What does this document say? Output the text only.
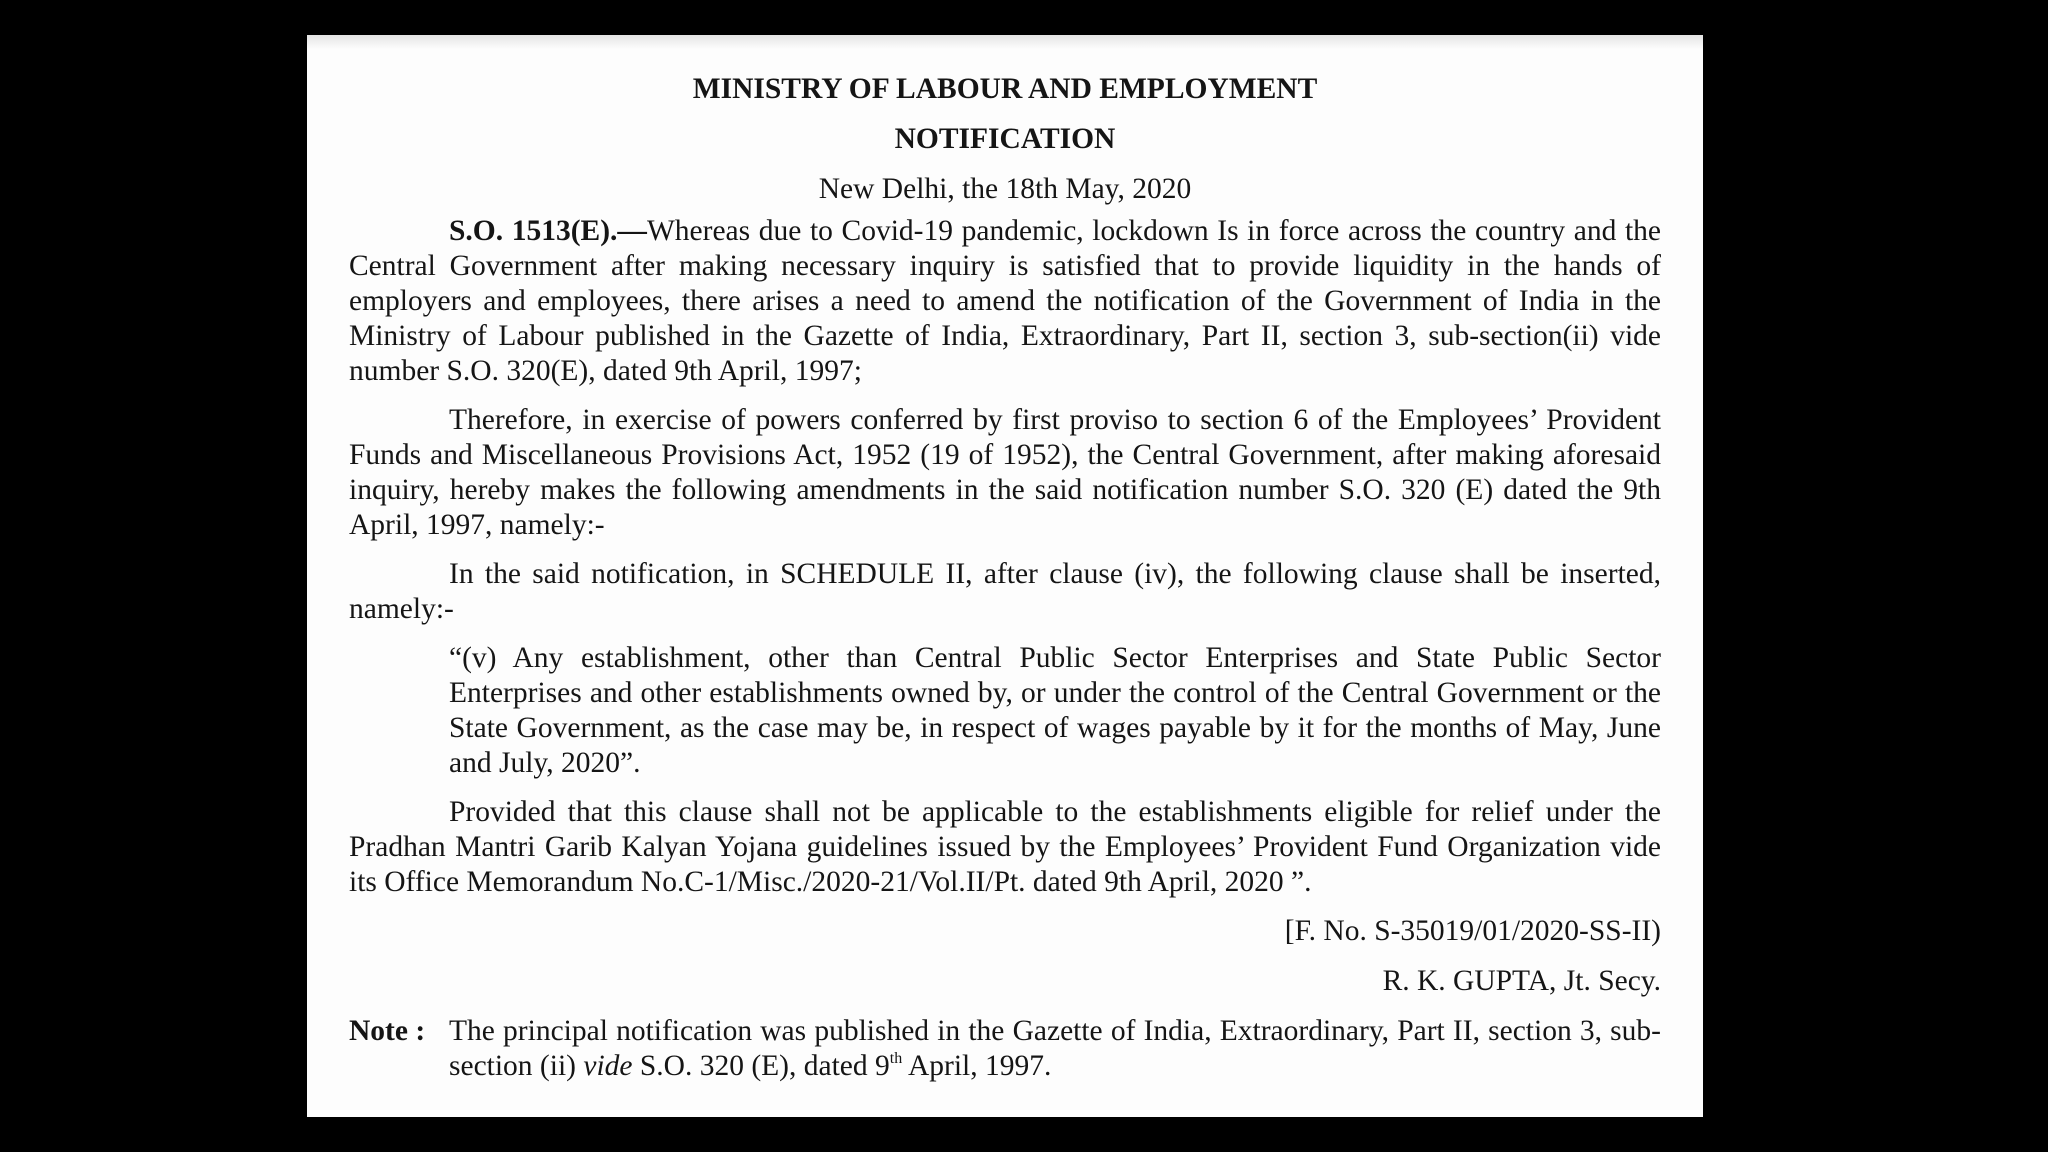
MINISTRY OF LABOUR AND EMPLOYMENT
NOTIFICATION
New Delhi, the 18th May, 2020

S.O. 1513(E).—Whereas due to Covid-19 pandemic, lockdown Is in force across the country and the Central Government after making necessary inquiry is satisfied that to provide liquidity in the hands of employers and employees, there arises a need to amend the notification of the Government of India in the Ministry of Labour published in the Gazette of India, Extraordinary, Part II, section 3, sub-section(ii) vide number S.O. 320(E), dated 9th April, 1997;

Therefore, in exercise of powers conferred by first proviso to section 6 of the Employees’ Provident Funds and Miscellaneous Provisions Act, 1952 (19 of 1952), the Central Government, after making aforesaid inquiry, hereby makes the following amendments in the said notification number S.O. 320 (E) dated the 9th April, 1997, namely:-

In the said notification, in SCHEDULE II, after clause (iv), the following clause shall be inserted, namely:-

“(v) Any establishment, other than Central Public Sector Enterprises and State Public Sector Enterprises and other establishments owned by, or under the control of the Central Government or the State Government, as the case may be, in respect of wages payable by it for the months of May, June and July, 2020”.

Provided that this clause shall not be applicable to the establishments eligible for relief under the Pradhan Mantri Garib Kalyan Yojana guidelines issued by the Employees’ Provident Fund Organization vide its Office Memorandum No.C-1/Misc./2020-21/Vol.II/Pt. dated 9th April, 2020 ”.

[F. No. S-35019/01/2020-SS-II)

R. K. GUPTA, Jt. Secy.

Note : The principal notification was published in the Gazette of India, Extraordinary, Part II, section 3, sub-section (ii) vide S.O. 320 (E), dated 9th April, 1997.
